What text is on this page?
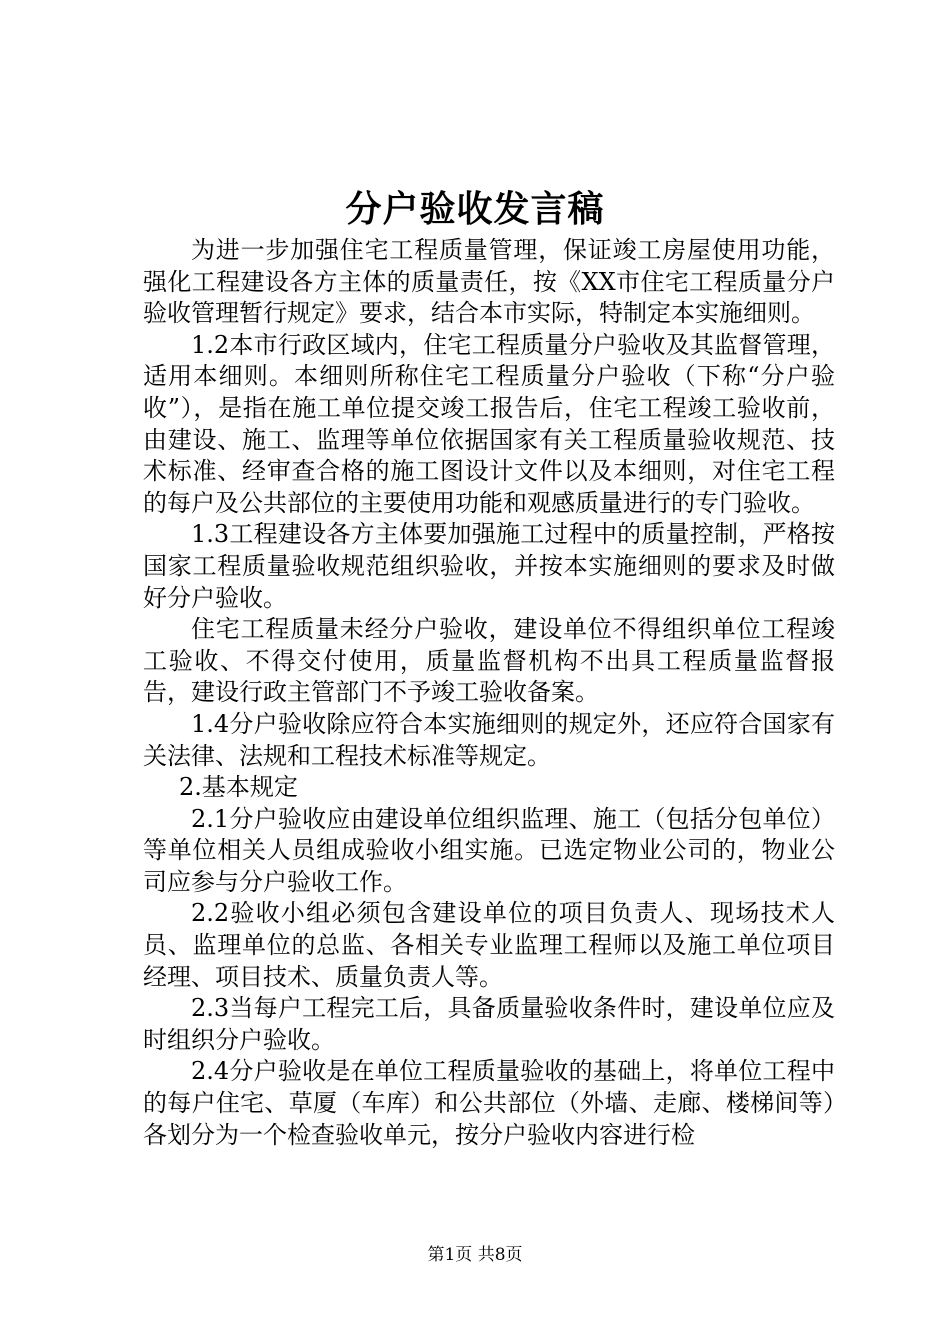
分户验收发言稿

为进一步加强住宅工程质量管理，保证竣工房屋使用功能，强化工程建设各方主体的质量责任，按《XX市住宅工程质量分户验收管理暂行规定》要求，结合本市实际，特制定本实施细则。

1.2本市行政区域内，住宅工程质量分户验收及其监督管理，适用本细则。本细则所称住宅工程质量分户验收（下称“分户验收”），是指在施工单位提交竣工报告后，住宅工程竣工验收前，由建设、施工、监理等单位依据国家有关工程质量验收规范、技术标准、经审查合格的施工图设计文件以及本细则，对住宅工程的每户及公共部位的主要使用功能和观感质量进行的专门验收。

1.3工程建设各方主体要加强施工过程中的质量控制，严格按国家工程质量验收规范组织验收，并按本实施细则的要求及时做好分户验收。

住宅工程质量未经分户验收，建设单位不得组织单位工程竣工验收、不得交付使用，质量监督机构不出具工程质量监督报告，建设行政主管部门不予竣工验收备案。

1.4分户验收除应符合本实施细则的规定外，还应符合国家有关法律、法规和工程技术标准等规定。

2.基本规定

2.1分户验收应由建设单位组织监理、施工（包括分包单位）等单位相关人员组成验收小组实施。已选定物业公司的，物业公司应参与分户验收工作。

2.2验收小组必须包含建设单位的项目负责人、现场技术人员、监理单位的总监、各相关专业监理工程师以及施工单位项目经理、项目技术、质量负责人等。

2.3当每户工程完工后，具备质量验收条件时，建设单位应及时组织分户验收。

2.4分户验收是在单位工程质量验收的基础上，将单位工程中的每户住宅、草厦（车库）和公共部位（外墙、走廊、楼梯间等）各划分为一个检查验收单元，按分户验收内容进行检

第1页 共8页
